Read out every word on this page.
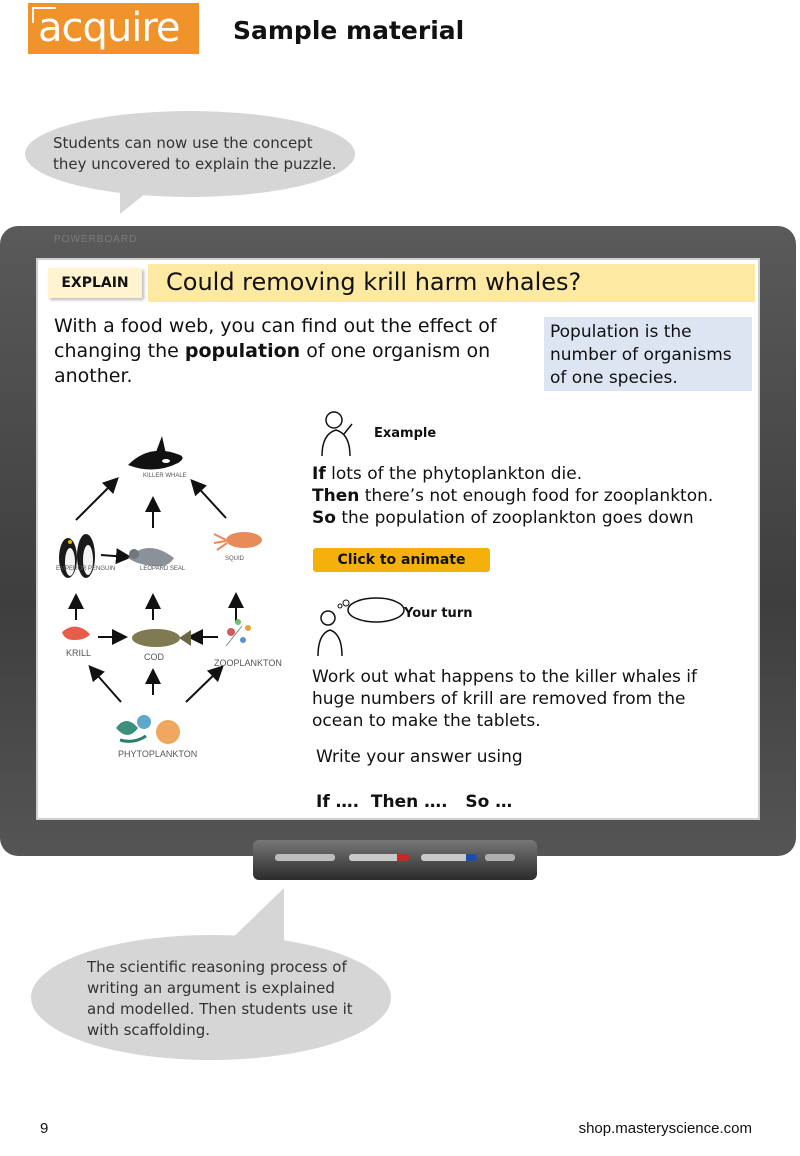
acquire	Sample material
Students can now use the concept they uncovered to explain the puzzle.
POWERBOARD
Could removing krill harm whales?
EXPLAIN
With a food web, you can find out the effect of changing the population of one organism on another.
Population is the number of organisms of one species.
KILLER WHALE
EMPEROR PENGUIN	LEOPARD SEAL
SQUID
KRILL	COD
ZOOPLANKTON
PHYTOPLANKTON
Example
If lots of the phytoplankton die.
Then there’s not enough food for zooplankton.
So the population of zooplankton goes down
Click to animate
Your turn
Work out what happens to the killer whales if huge numbers of krill are removed from the ocean to make the tablets.
Write your answer using
If ….  Then ….   So …
The scientific reasoning process of writing an argument is explained and modelled. Then students use it with scaffolding.
9	shop.masteryscience.com
